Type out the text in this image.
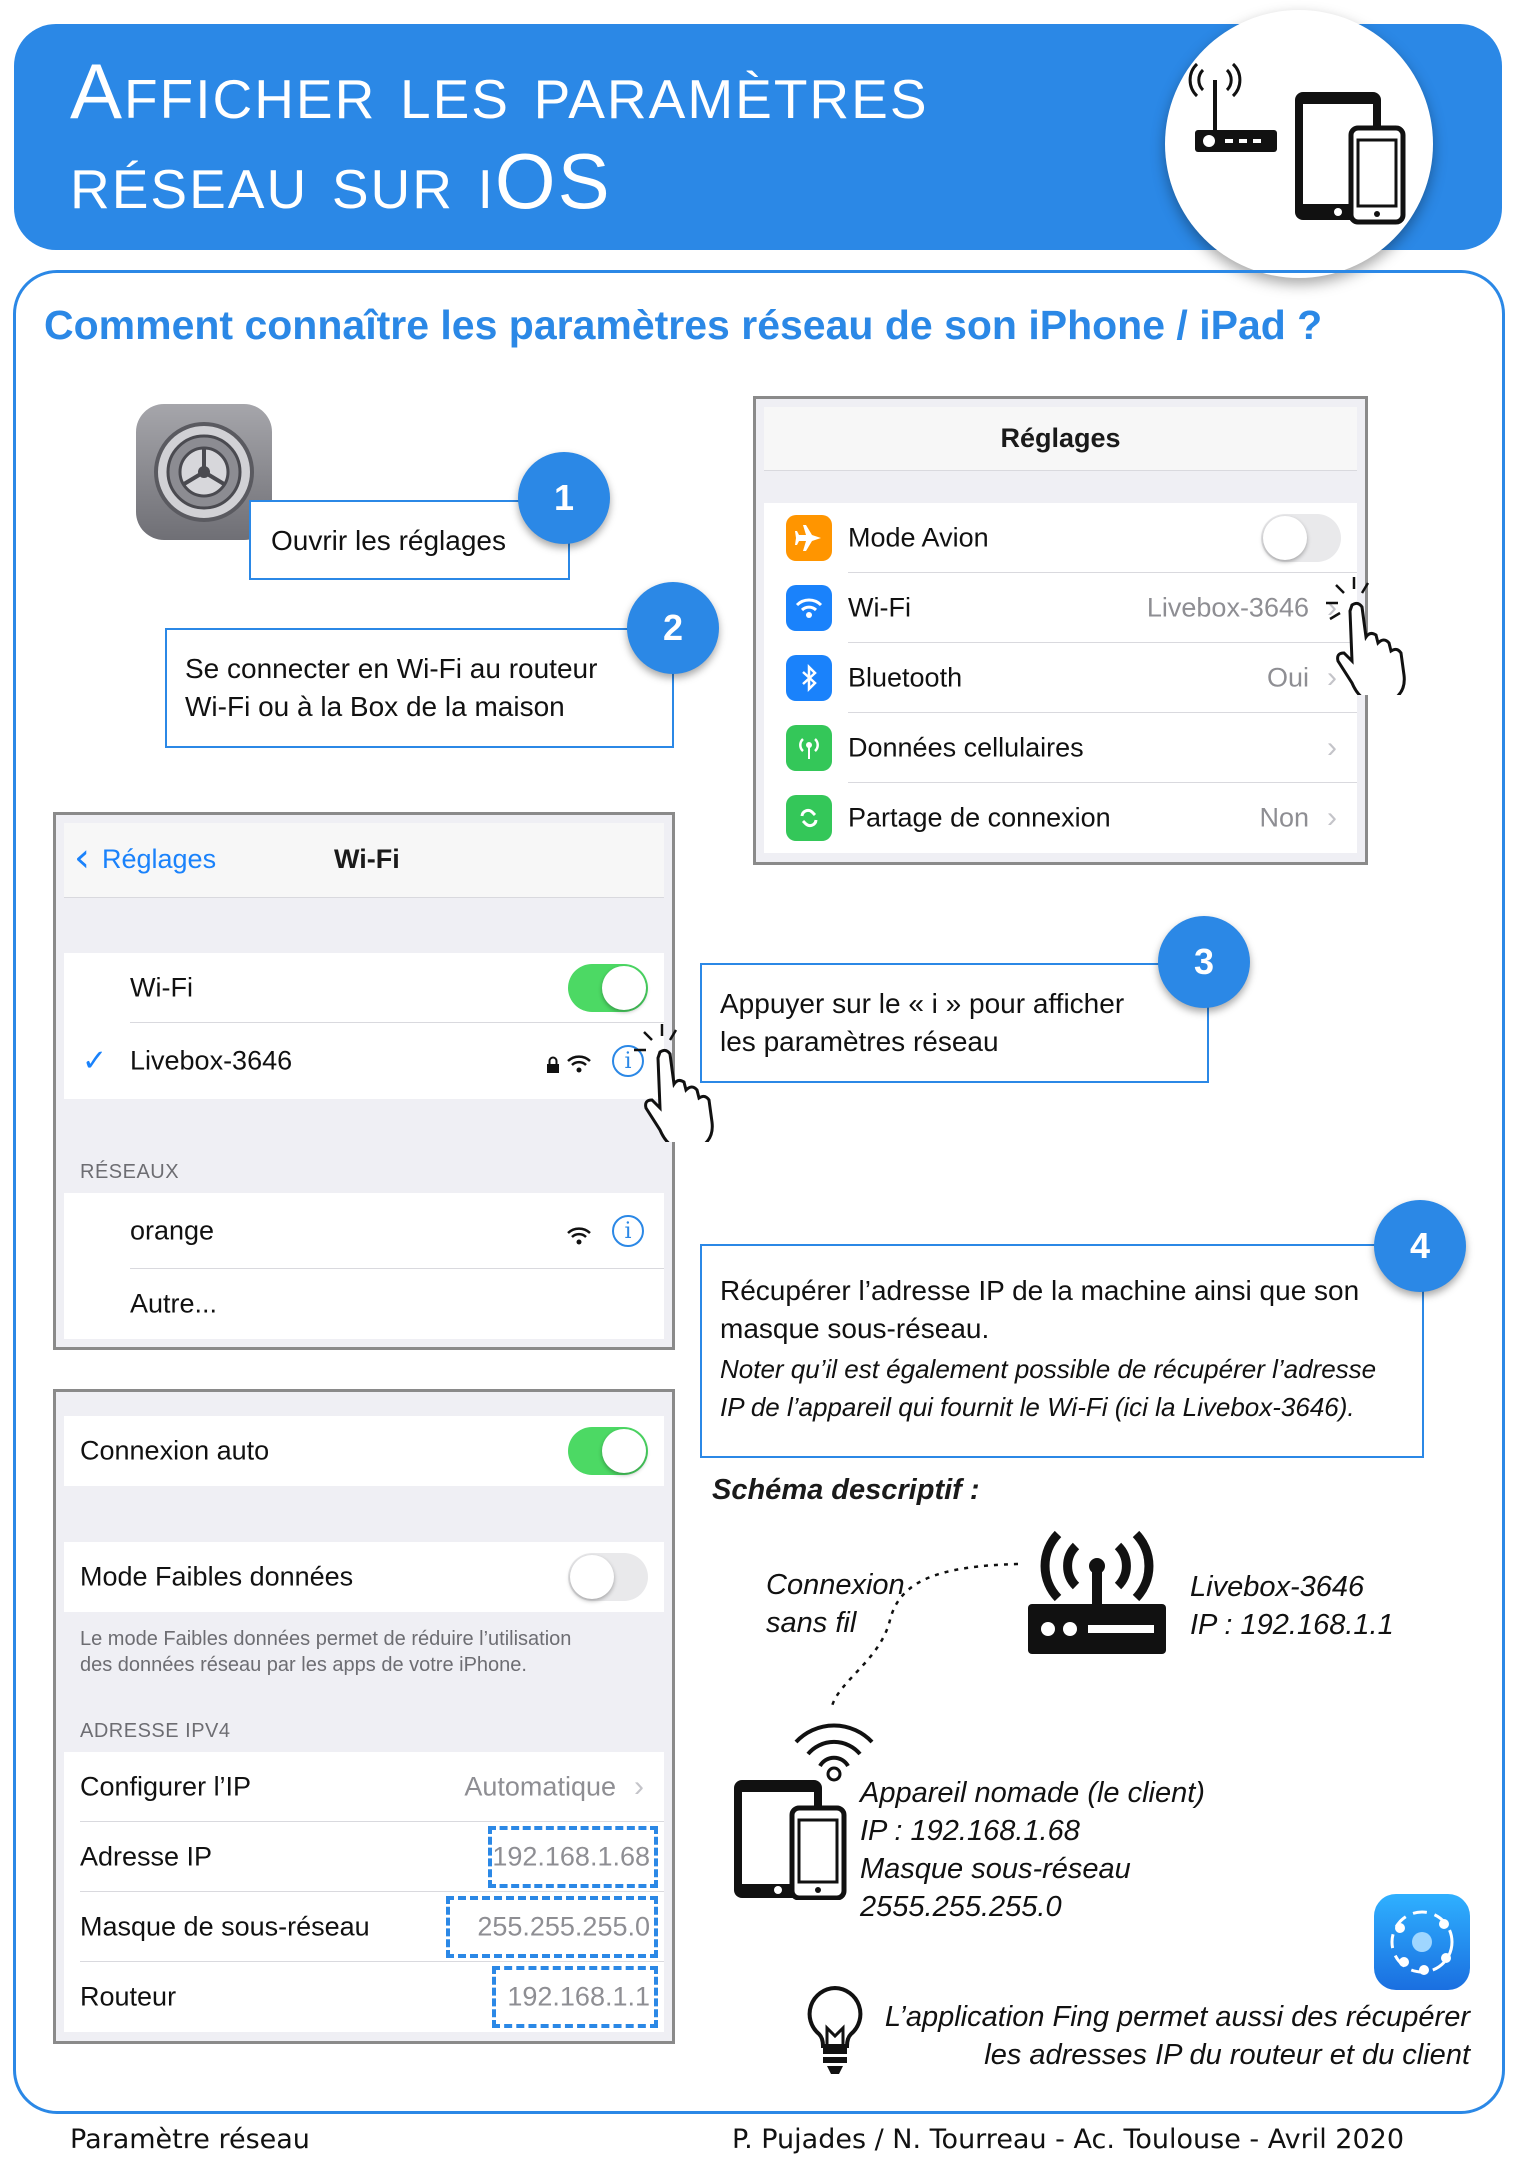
Afficher les paramètres
réseau sur iOS
Comment connaître les paramètres réseau de son iPhone / iPad ?
Ouvrir les réglages
1
Se connecter en Wi-Fi au routeur
Wi-Fi ou à la Box de la maison
2
Réglages
Mode Avion
Wi-Fi	Livebox-3646 ›
Bluetooth	Oui ›
Données cellulaires	›
Partage de connexion	Non ›
‹ Réglages	Wi-Fi
Wi-Fi
✓ Livebox-3646	i
RÉSEAUX
orange	i
Autre...
Appuyer sur le « i » pour afficher
les paramètres réseau
3
Récupérer l’adresse IP de la machine ainsi que son
masque sous-réseau.
Noter qu’il est également possible de récupérer l’adresse
IP de l’appareil qui fournit le Wi-Fi (ici la Livebox-3646).
4
Connexion auto
Mode Faibles données
Le mode Faibles données permet de réduire l’utilisation
des données réseau par les apps de votre iPhone.
ADRESSE IPV4
Configurer l’IP	Automatique ›
Adresse IP	192.168.1.68
Masque de sous-réseau	255.255.255.0
Routeur	192.168.1.1
Schéma descriptif :
Connexion
sans fil
Livebox-3646
IP : 192.168.1.1
Appareil nomade (le client)
IP : 192.168.1.68
Masque sous-réseau
2555.255.255.0
L’application Fing permet aussi des récupérer
les adresses IP du routeur et du client
Paramètre réseau	P. Pujades / N. Tourreau - Ac. Toulouse - Avril 2020
